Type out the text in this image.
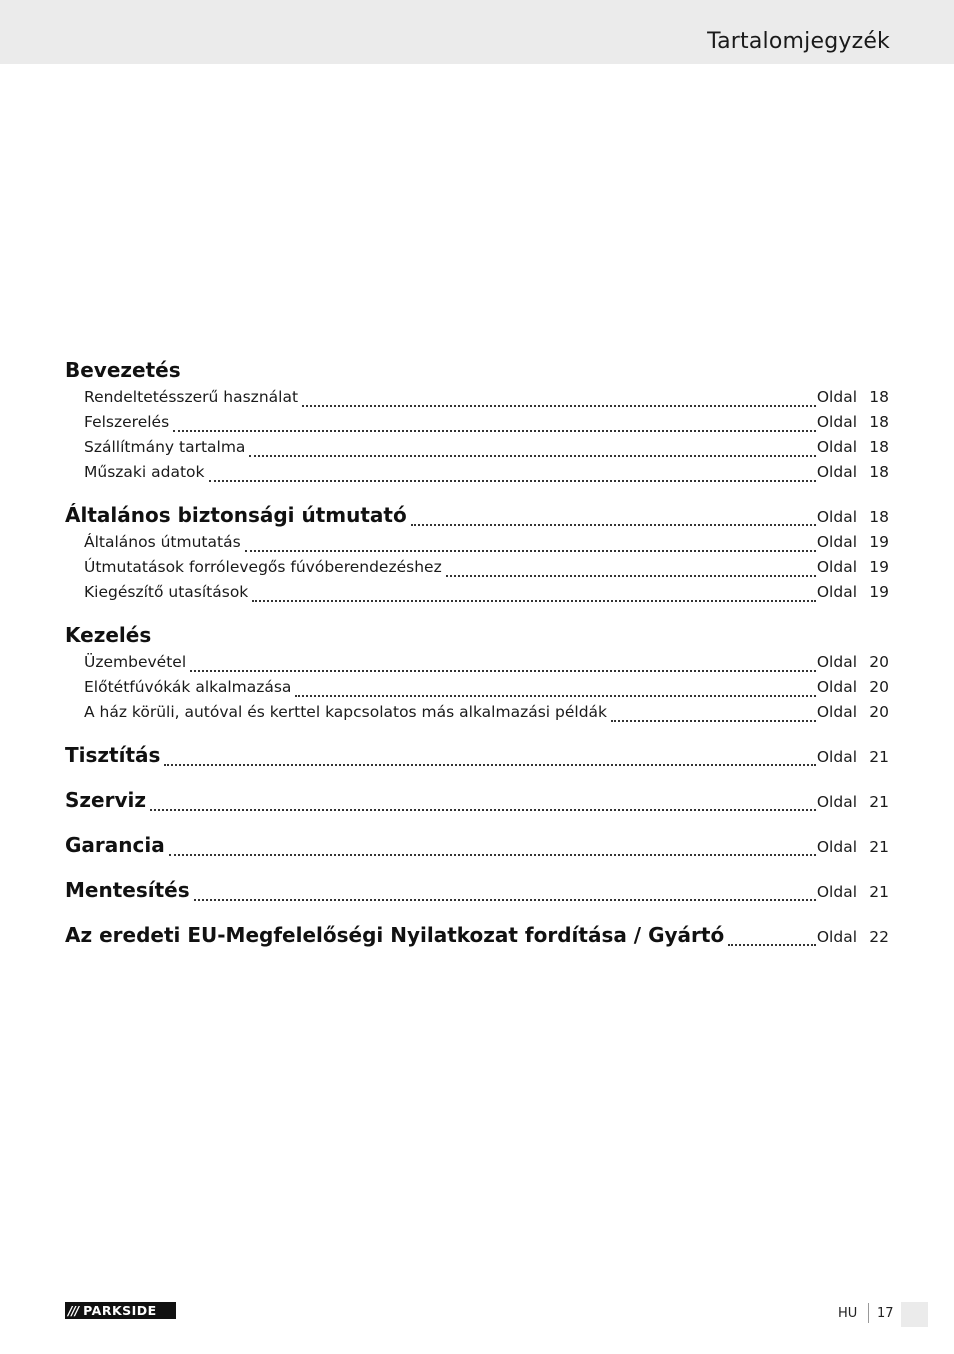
Tartalomjegyzék
Bevezetés
Rendeltetésszerű használat	Oldal 18
Felszerelés	Oldal 18
Szállítmány tartalma	Oldal 18
Műszaki adatok	Oldal 18
Általános biztonsági útmutató	Oldal 18
Általános útmutatás	Oldal 19
Útmutatások forrólevegős fúvóberendezéshez	Oldal 19
Kiegészítő utasítások	Oldal 19
Kezelés
Üzembevétel	Oldal 20
Előtétfúvókák alkalmazása	Oldal 20
A ház körüli, autóval és kerttel kapcsolatos más alkalmazási példák	Oldal 20
Tisztítás	Oldal 21
Szerviz	Oldal 21
Garancia	Oldal 21
Mentesítés	Oldal 21
Az eredeti EU-Megfelelőségi Nyilatkozat fordítása / Gyártó	Oldal 22
/// PARKSIDE	HU 17
